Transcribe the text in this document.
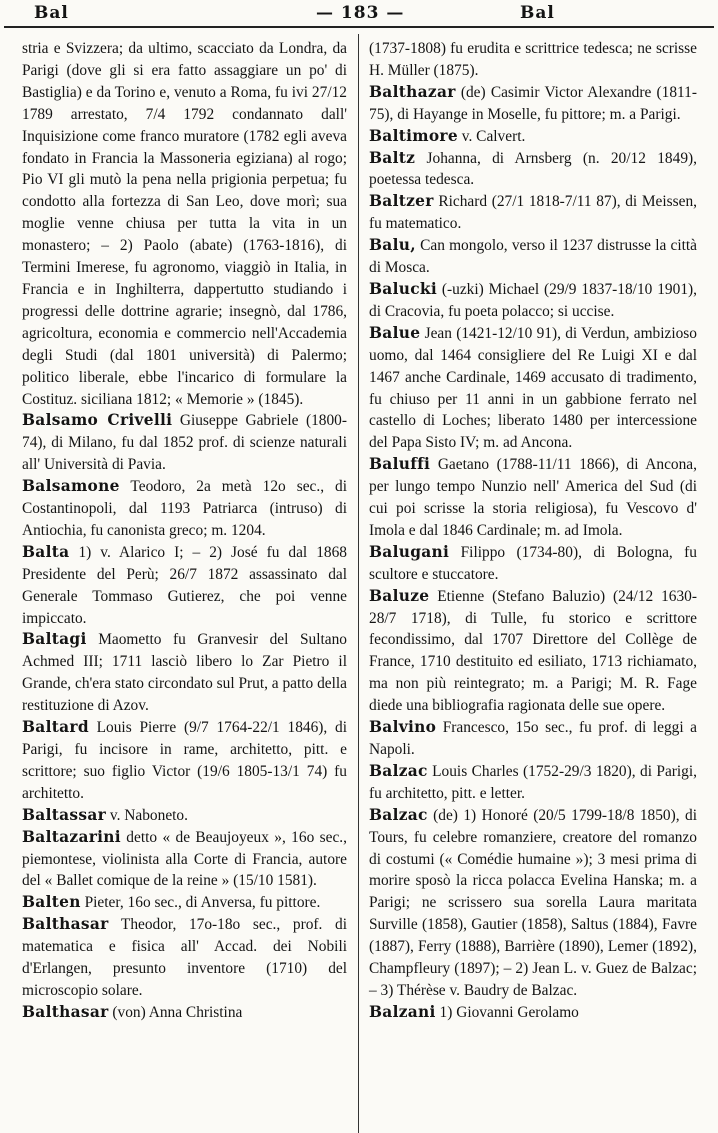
Bal	— 183 —	Bal

stria e Svizzera; da ultimo, scacciato da Londra, da Parigi (dove gli si era fatto assaggiare un po' di Bastiglia) e da Torino e, venuto a Roma, fu ivi 27/12 1789 arrestato, 7/4 1792 condannato dall' Inquisizione come franco muratore (1782 egli aveva fondato in Francia la Massoneria egiziana) al rogo; Pio VI gli mutò la pena nella prigionia perpetua; fu condotto alla fortezza di San Leo, dove morì; sua moglie venne chiusa per tutta la vita in un monastero; – 2) Paolo (abate) (1763-1816), di Termini Imerese, fu agronomo, viaggiò in Italia, in Francia e in Inghilterra, dappertutto studiando i progressi delle dottrine agrarie; insegnò, dal 1786, agricoltura, economia e commercio nell'Accademia degli Studi (dal 1801 università) di Palermo; politico liberale, ebbe l'incarico di formulare la Costituz. siciliana 1812; « Memorie » (1845).

Balsamo Crivelli Giuseppe Gabriele (1800-74), di Milano, fu dal 1852 prof. di scienze naturali all' Università di Pavia.

Balsamone Teodoro, 2a metà 12o sec., di Costantinopoli, dal 1193 Patriarca (intruso) di Antiochia, fu canonista greco; m. 1204.

Balta 1) v. Alarico I; – 2) José fu dal 1868 Presidente del Perù; 26/7 1872 assassinato dal Generale Tommaso Gutierez, che poi venne impiccato.

Baltagi Maometto fu Granvesir del Sultano Achmed III; 1711 lasciò libero lo Zar Pietro il Grande, ch'era stato circondato sul Prut, a patto della restituzione di Azov.

Baltard Louis Pierre (9/7 1764-22/1 1846), di Parigi, fu incisore in rame, architetto, pitt. e scrittore; suo figlio Victor (19/6 1805-13/1 74) fu architetto.

Baltassar v. Naboneto.

Baltazarini detto « de Beaujoyeux », 16o sec., piemontese, violinista alla Corte di Francia, autore del « Ballet comique de la reine » (15/10 1581).

Balten Pieter, 16o sec., di Anversa, fu pittore.

Balthasar Theodor, 17o-18o sec., prof. di matematica e fisica all' Accad. dei Nobili d'Erlangen, presunto inventore (1710) del microscopio solare.

Balthasar (von) Anna Christina

(1737-1808) fu erudita e scrittrice tedesca; ne scrisse H. Müller (1875).

Balthazar (de) Casimir Victor Alexandre (1811-75), di Hayange in Moselle, fu pittore; m. a Parigi.

Baltimore v. Calvert.

Baltz Johanna, di Arnsberg (n. 20/12 1849), poetessa tedesca.

Baltzer Richard (27/1 1818-7/11 87), di Meissen, fu matematico.

Balu, Can mongolo, verso il 1237 distrusse la città di Mosca.

Balucki (-uzki) Michael (29/9 1837-18/10 1901), di Cracovia, fu poeta polacco; si uccise.

Balue Jean (1421-12/10 91), di Verdun, ambizioso uomo, dal 1464 consigliere del Re Luigi XI e dal 1467 anche Cardinale, 1469 accusato di tradimento, fu chiuso per 11 anni in un gabbione ferrato nel castello di Loches; liberato 1480 per intercessione del Papa Sisto IV; m. ad Ancona.

Baluffi Gaetano (1788-11/11 1866), di Ancona, per lungo tempo Nunzio nell' America del Sud (di cui poi scrisse la storia religiosa), fu Vescovo d' Imola e dal 1846 Cardinale; m. ad Imola.

Balugani Filippo (1734-80), di Bologna, fu scultore e stuccatore.

Baluze Etienne (Stefano Baluzio) (24/12 1630-28/7 1718), di Tulle, fu storico e scrittore fecondissimo, dal 1707 Direttore del Collège de France, 1710 destituito ed esiliato, 1713 richiamato, ma non più reintegrato; m. a Parigi; M. R. Fage diede una bibliografia ragionata delle sue opere.

Balvino Francesco, 15o sec., fu prof. di leggi a Napoli.

Balzac Louis Charles (1752-29/3 1820), di Parigi, fu architetto, pitt. e letter.

Balzac (de) 1) Honoré (20/5 1799-18/8 1850), di Tours, fu celebre romanziere, creatore del romanzo di costumi (« Comédie humaine »); 3 mesi prima di morire sposò la ricca polacca Evelina Hanska; m. a Parigi; ne scrissero sua sorella Laura maritata Surville (1858), Gautier (1858), Saltus (1884), Favre (1887), Ferry (1888), Barrière (1890), Lemer (1892), Champfleury (1897); – 2) Jean L. v. Guez de Balzac; – 3) Thérèse v. Baudry de Balzac.

Balzani 1) Giovanni Gerolamo
